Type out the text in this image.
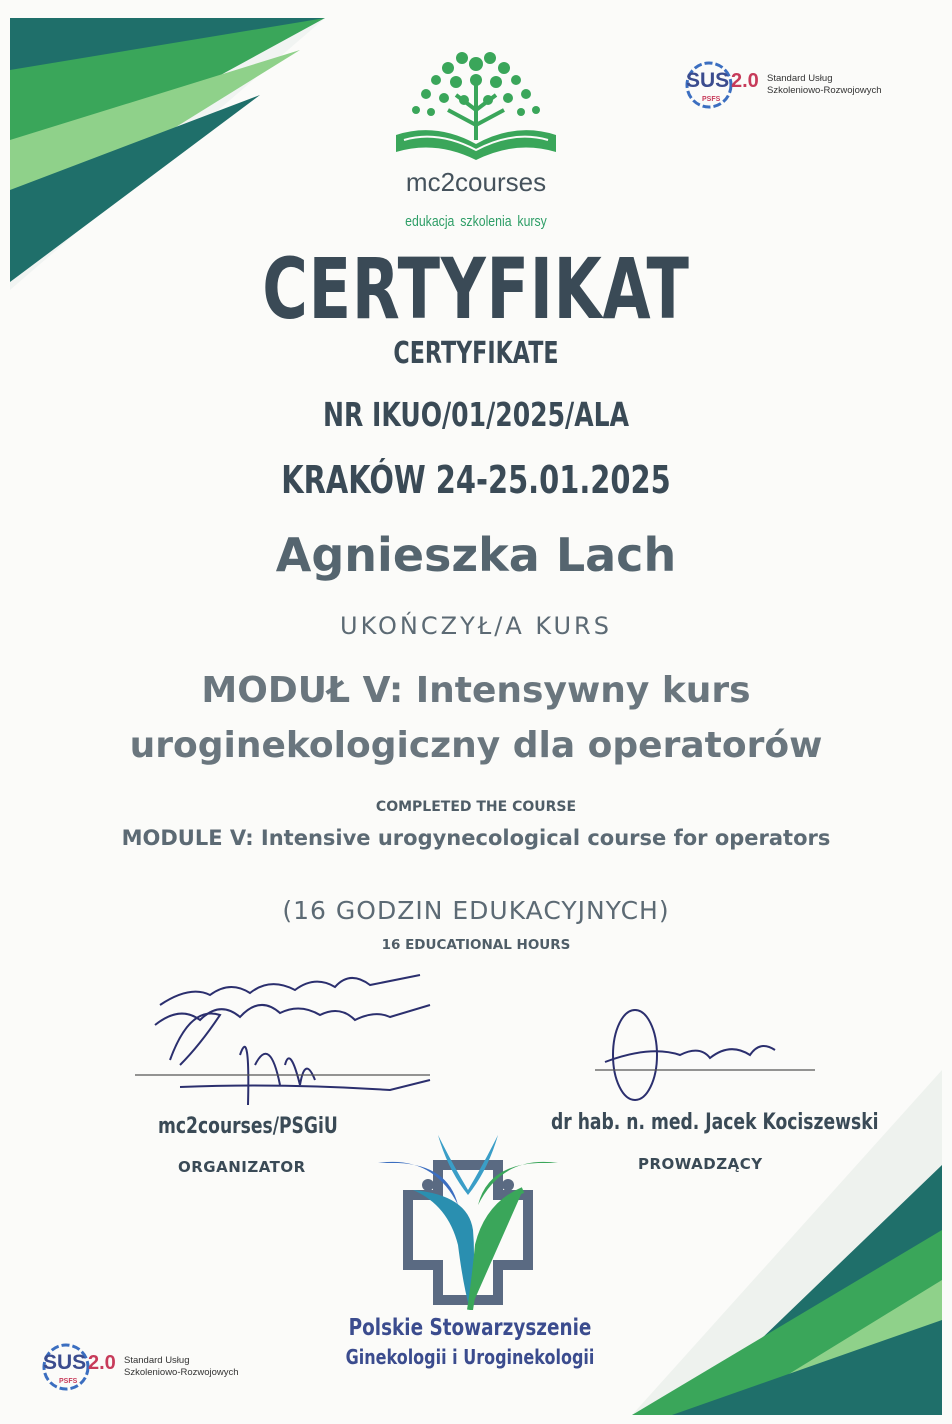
mc2courses
edukacja szkolenia kursy
SUS 2.0
PSFS
Standard Usług
Szkoleniowo-Rozwojowych
CERTYFIKAT
CERTYFIKATE
NR IKUO/01/2025/ALA
KRAKÓW 24-25.01.2025
Agnieszka Lach
UKOŃCZYŁ/A KURS
MODUŁ V: Intensywny kurs
uroginekologiczny dla operatorów
COMPLETED THE COURSE
MODULE V: Intensive urogynecological course for operators
(16 GODZIN EDUKACYJNYCH)
16 EDUCATIONAL HOURS
mc2courses/PSGiU
ORGANIZATOR
dr hab. n. med. Jacek Kociszewski
PROWADZĄCY
Polskie Stowarzyszenie
Ginekologii i Uroginekologii
SUS 2.0
PSFS
Standard Usług
Szkoleniowo-Rozwojowych
